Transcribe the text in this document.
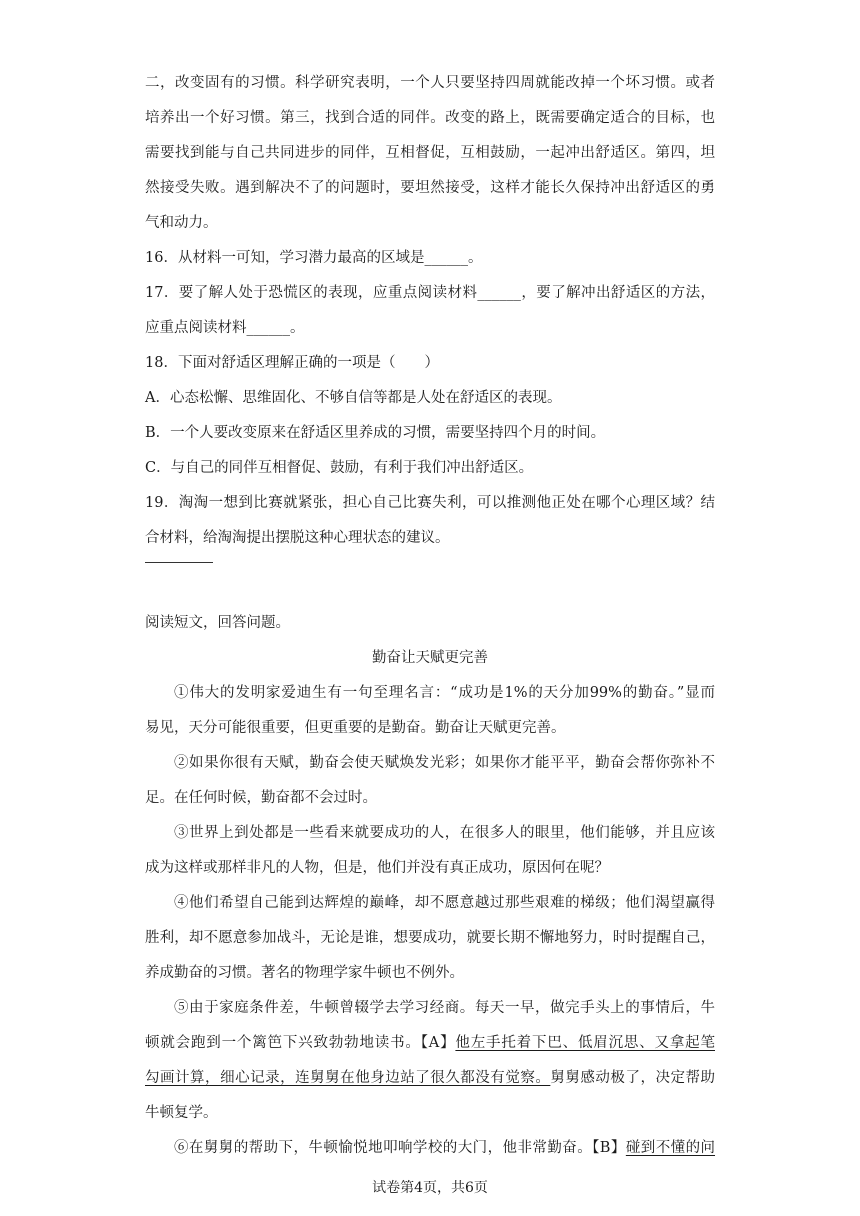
二，改变固有的习惯。科学研究表明，一个人只要坚持四周就能改掉一个坏习惯。或者
培养出一个好习惯。第三，找到合适的同伴。改变的路上，既需要确定适合的目标，也
需要找到能与自己共同进步的同伴，互相督促，互相鼓励，一起冲出舒适区。第四，坦
然接受失败。遇到解决不了的问题时，要坦然接受，这样才能长久保持冲出舒适区的勇
气和动力。
16．从材料一可知，学习潜力最高的区域是______。
17．要了解人处于恐慌区的表现，应重点阅读材料______，要了解冲出舒适区的方法，
应重点阅读材料______。
18．下面对舒适区理解正确的一项是（　　）
A．心态松懈、思维固化、不够自信等都是人处在舒适区的表现。
B．一个人要改变原来在舒适区里养成的习惯，需要坚持四个月的时间。
C．与自己的同伴互相督促、鼓励，有利于我们冲出舒适区。
19．淘淘一想到比赛就紧张，担心自己比赛失利，可以推测他正处在哪个心理区域？结
合材料，给淘淘提出摆脱这种心理状态的建议。
阅读短文，回答问题。
勤奋让天赋更完善
①伟大的发明家爱迪生有一句至理名言：“成功是1%的天分加99%的勤奋。”显而
易见，天分可能很重要，但更重要的是勤奋。勤奋让天赋更完善。
②如果你很有天赋，勤奋会使天赋焕发光彩；如果你才能平平，勤奋会帮你弥补不
足。在任何时候，勤奋都不会过时。
③世界上到处都是一些看来就要成功的人，在很多人的眼里，他们能够，并且应该
成为这样或那样非凡的人物，但是，他们并没有真正成功，原因何在呢？
④他们希望自己能到达辉煌的巅峰，却不愿意越过那些艰难的梯级；他们渴望赢得
胜利，却不愿意参加战斗，无论是谁，想要成功，就要长期不懈地努力，时时提醒自己，
养成勤奋的习惯。著名的物理学家牛顿也不例外。
⑤由于家庭条件差，牛顿曾辍学去学习经商。每天一早，做完手头上的事情后，牛
顿就会跑到一个篱笆下兴致勃勃地读书。【A】他左手托着下巴、低眉沉思、又拿起笔
勾画计算，细心记录，连舅舅在他身边站了很久都没有觉察。舅舅感动极了，决定帮助
牛顿复学。
⑥在舅舅的帮助下，牛顿愉悦地叩响学校的大门，他非常勤奋。【B】碰到不懂的问
试卷第4页，共6页
